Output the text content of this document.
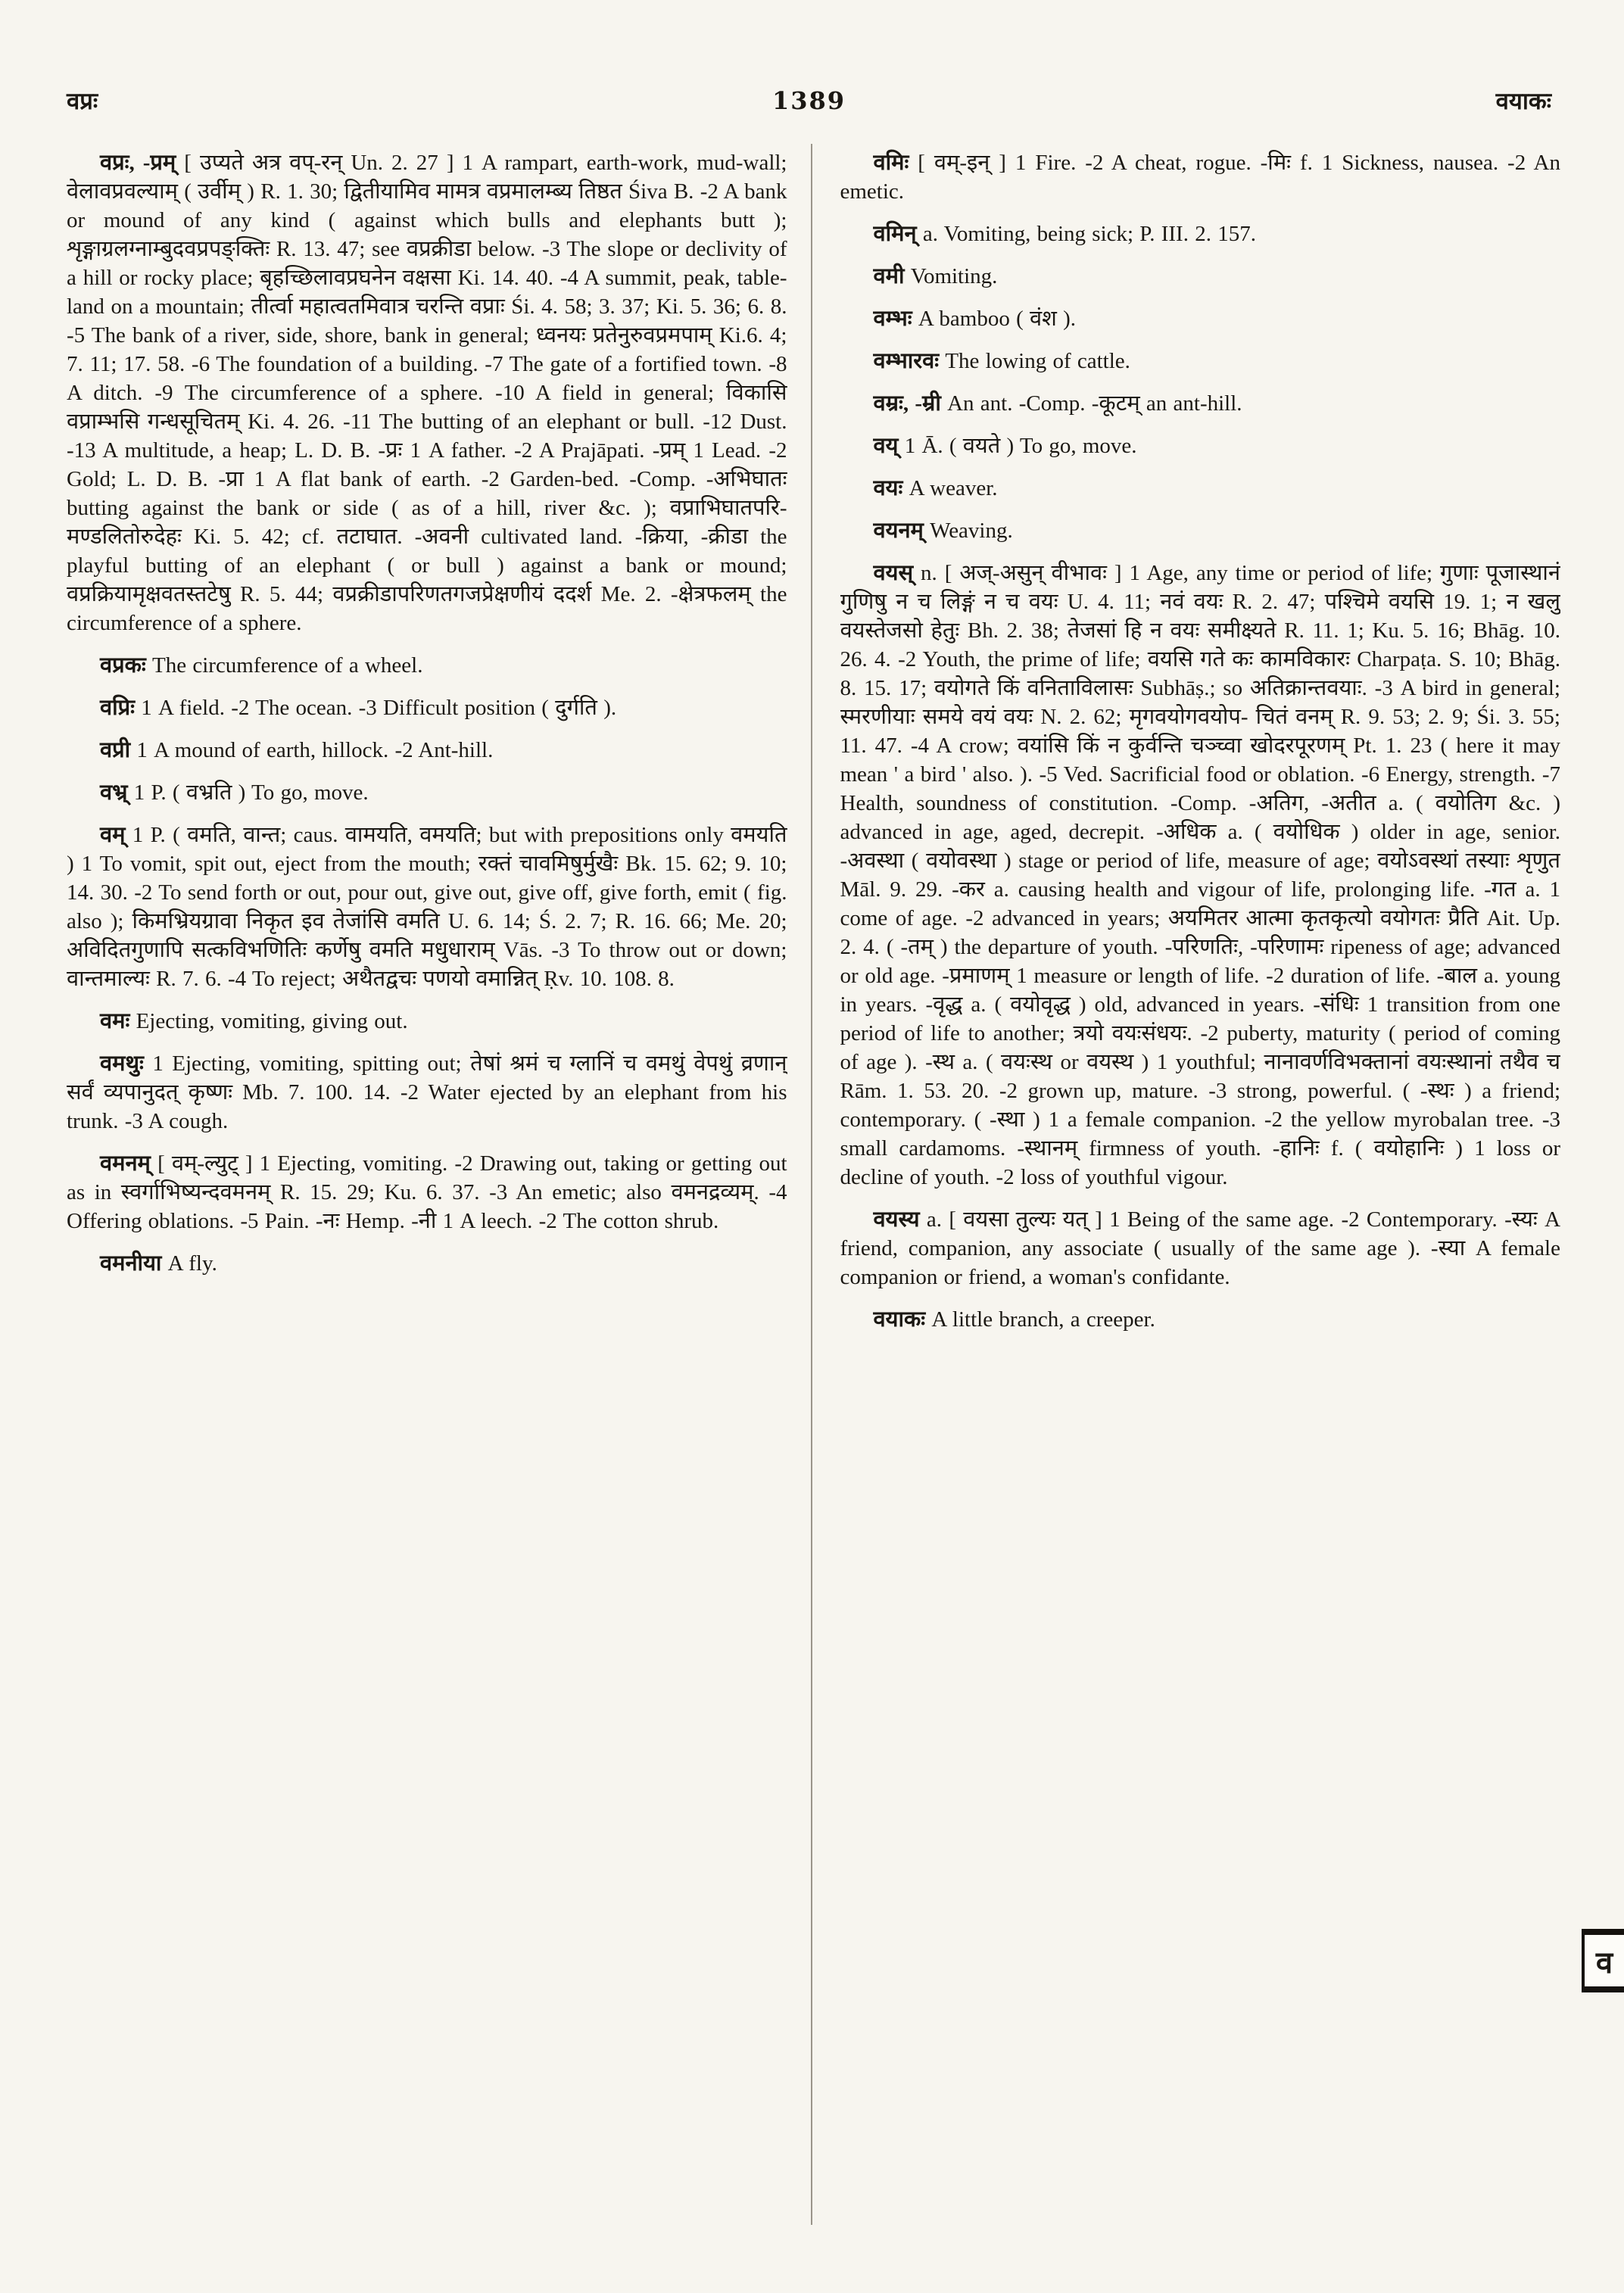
वप्रः	1389	वयाकः

वप्रः, -प्रम् [ उप्यते अत्र वप्-रन् Un. 2. 27 ] 1 A rampart, earth-work, mud-wall; वेलावप्रवल्याम् ( उर्वीम् ) R. 1. 30; द्वितीयामिव मामत्र वप्रमालम्ब्य तिष्ठत Śiva B. -2 A bank or mound of any kind ( against which bulls and elephants butt ); शृङ्गाग्रलग्नाम्बुदवप्रपङ्क्तिः R. 13. 47; see वप्रक्रीडा below. -3 The slope or declivity of a hill or rocky place; बृहच्छिलावप्रघनेन वक्षसा Ki. 14. 40. -4 A summit, peak, table-land on a mountain; तीर्त्वा महात्वतमिवात्र चरन्ति वप्राः Śi. 4. 58; 3. 37; Ki. 5. 36; 6. 8. -5 The bank of a river, side, shore, bank in general; ध्वनयः प्रतेनुरुवप्रमपाम् Ki.6. 4; 7. 11; 17. 58. -6 The foundation of a building. -7 The gate of a fortified town. -8 A ditch. -9 The circumference of a sphere. -10 A field in general; विकासि वप्राम्भसि गन्धसूचितम् Ki. 4. 26. -11 The butting of an elephant or bull. -12 Dust. -13 A multitude, a heap; L. D. B. -प्रः 1 A father. -2 A Prajāpati. -प्रम् 1 Lead. -2 Gold; L. D. B. -प्रा 1 A flat bank of earth. -2 Garden-bed. -Comp. -अभिघातः butting against the bank or side ( as of a hill, river &c. ); वप्राभिघातपरि- मण्डलितोरुदेहः Ki. 5. 42; cf. तटाघात. -अवनी cultivated land. -क्रिया, -क्रीडा the playful butting of an elephant ( or bull ) against a bank or mound; वप्रक्रियामृक्षवतस्तटेषु R. 5. 44; वप्रक्रीडापरिणतगजप्रेक्षणीयं ददर्श Me. 2. -क्षेत्रफलम् the circumference of a sphere.

वप्रकः The circumference of a wheel.

वप्रिः 1 A field. -2 The ocean. -3 Difficult position ( दुर्गति ).

वप्री 1 A mound of earth, hillock. -2 Ant-hill.

वभ्र् 1 P. ( वभ्रति ) To go, move.

वम् 1 P. ( वमति, वान्त; caus. वामयति, वमयति; but with prepositions only वमयति ) 1 To vomit, spit out, eject from the mouth; रक्तं चावमिषुर्मुखैः Bk. 15. 62; 9. 10; 14. 30. -2 To send forth or out, pour out, give out, give off, give forth, emit ( fig. also ); किमभ्रियग्रावा निकृत इव तेजांसि वमति U. 6. 14; Ś. 2. 7; R. 16. 66; Me. 20; अविदितगुणापि सत्कविभणितिः कर्णेषु वमति मधुधाराम् Vās. -3 To throw out or down; वान्तमाल्यः R. 7. 6. -4 To reject; अथैतद्वचः पणयो वमान्नित् Ṛv. 10. 108. 8.

वमः Ejecting, vomiting, giving out.

वमथुः 1 Ejecting, vomiting, spitting out; तेषां श्रमं च ग्लानिं च वमथुं वेपथुं व्रणान् सर्वं व्यपानुदत् कृष्णः Mb. 7. 100. 14. -2 Water ejected by an elephant from his trunk. -3 A cough.

वमनम् [ वम्-ल्युट् ] 1 Ejecting, vomiting. -2 Drawing out, taking or getting out as in स्वर्गाभिष्यन्दवमनम् R. 15. 29; Ku. 6. 37. -3 An emetic; also वमनद्रव्यम्. -4 Offering oblations. -5 Pain. -नः Hemp. -नी 1 A leech. -2 The cotton shrub.

वमनीया A fly.

वमिः [ वम्-इन् ] 1 Fire. -2 A cheat, rogue. -मिः f. 1 Sickness, nausea. -2 An emetic.

वमिन् a. Vomiting, being sick; P. III. 2. 157.

वमी Vomiting.

वम्भः A bamboo ( वंश ).

वम्भारवः The lowing of cattle.

वम्रः, -म्री An ant. -Comp. -कूटम् an ant-hill.

वय् 1 Ā. ( वयते ) To go, move.

वयः A weaver.

वयनम् Weaving.

वयस् n. [ अज्-असुन् वीभावः ] 1 Age, any time or period of life; गुणाः पूजास्थानं गुणिषु न च लिङ्गं न च वयः U. 4. 11; नवं वयः R. 2. 47; पश्चिमे वयसि 19. 1; न खलु वयस्तेजसो हेतुः Bh. 2. 38; तेजसां हि न वयः समीक्ष्यते R. 11. 1; Ku. 5. 16; Bhāg. 10. 26. 4. -2 Youth, the prime of life; वयसि गते कः कामविकारः Charpaṭa. S. 10; Bhāg. 8. 15. 17; वयोगते किं वनिताविलासः Subhāṣ.; so अतिक्रान्तवयाः. -3 A bird in general; स्मरणीयाः समये वयं वयः N. 2. 62; मृगवयोगवयोप- चितं वनम् R. 9. 53; 2. 9; Śi. 3. 55; 11. 47. -4 A crow; वयांसि किं न कुर्वन्ति चञ्च्वा खोदरपूरणम् Pt. 1. 23 ( here it may mean ' a bird ' also. ). -5 Ved. Sacrificial food or oblation. -6 Energy, strength. -7 Health, soundness of constitution. -Comp. -अतिग, -अतीत a. ( वयोतिग &c. ) advanced in age, aged, decrepit. -अधिक a. ( वयोधिक ) older in age, senior. -अवस्था ( वयोवस्था ) stage or period of life, measure of age; वयोऽवस्थां तस्याः शृणुत Māl. 9. 29. -कर a. causing health and vigour of life, prolonging life. -गत a. 1 come of age. -2 advanced in years; अयमितर आत्मा कृतकृत्यो वयोगतः प्रैति Ait. Up. 2. 4. ( -तम् ) the departure of youth. -परिणतिः, -परिणामः ripeness of age; advanced or old age. -प्रमाणम् 1 measure or length of life. -2 duration of life. -बाल a. young in years. -वृद्ध a. ( वयोवृद्ध ) old, advanced in years. -संधिः 1 transition from one period of life to another; त्रयो वयःसंधयः. -2 puberty, maturity ( period of coming of age ). -स्थ a. ( वयःस्थ or वयस्थ ) 1 youthful; नानावर्णविभक्तानां वयःस्थानां तथैव च Rām. 1. 53. 20. -2 grown up, mature. -3 strong, powerful. ( -स्थः ) a friend; contemporary. ( -स्था ) 1 a female companion. -2 the yellow myrobalan tree. -3 small cardamoms. -स्थानम् firmness of youth. -हानिः f. ( वयोहानिः ) 1 loss or decline of youth. -2 loss of youthful vigour.

वयस्य a. [ वयसा तुल्यः यत् ] 1 Being of the same age. -2 Contemporary. -स्यः A friend, companion, any associate ( usually of the same age ). -स्या A female companion or friend, a woman's confidante.

वयाकः A little branch, a creeper.

व
